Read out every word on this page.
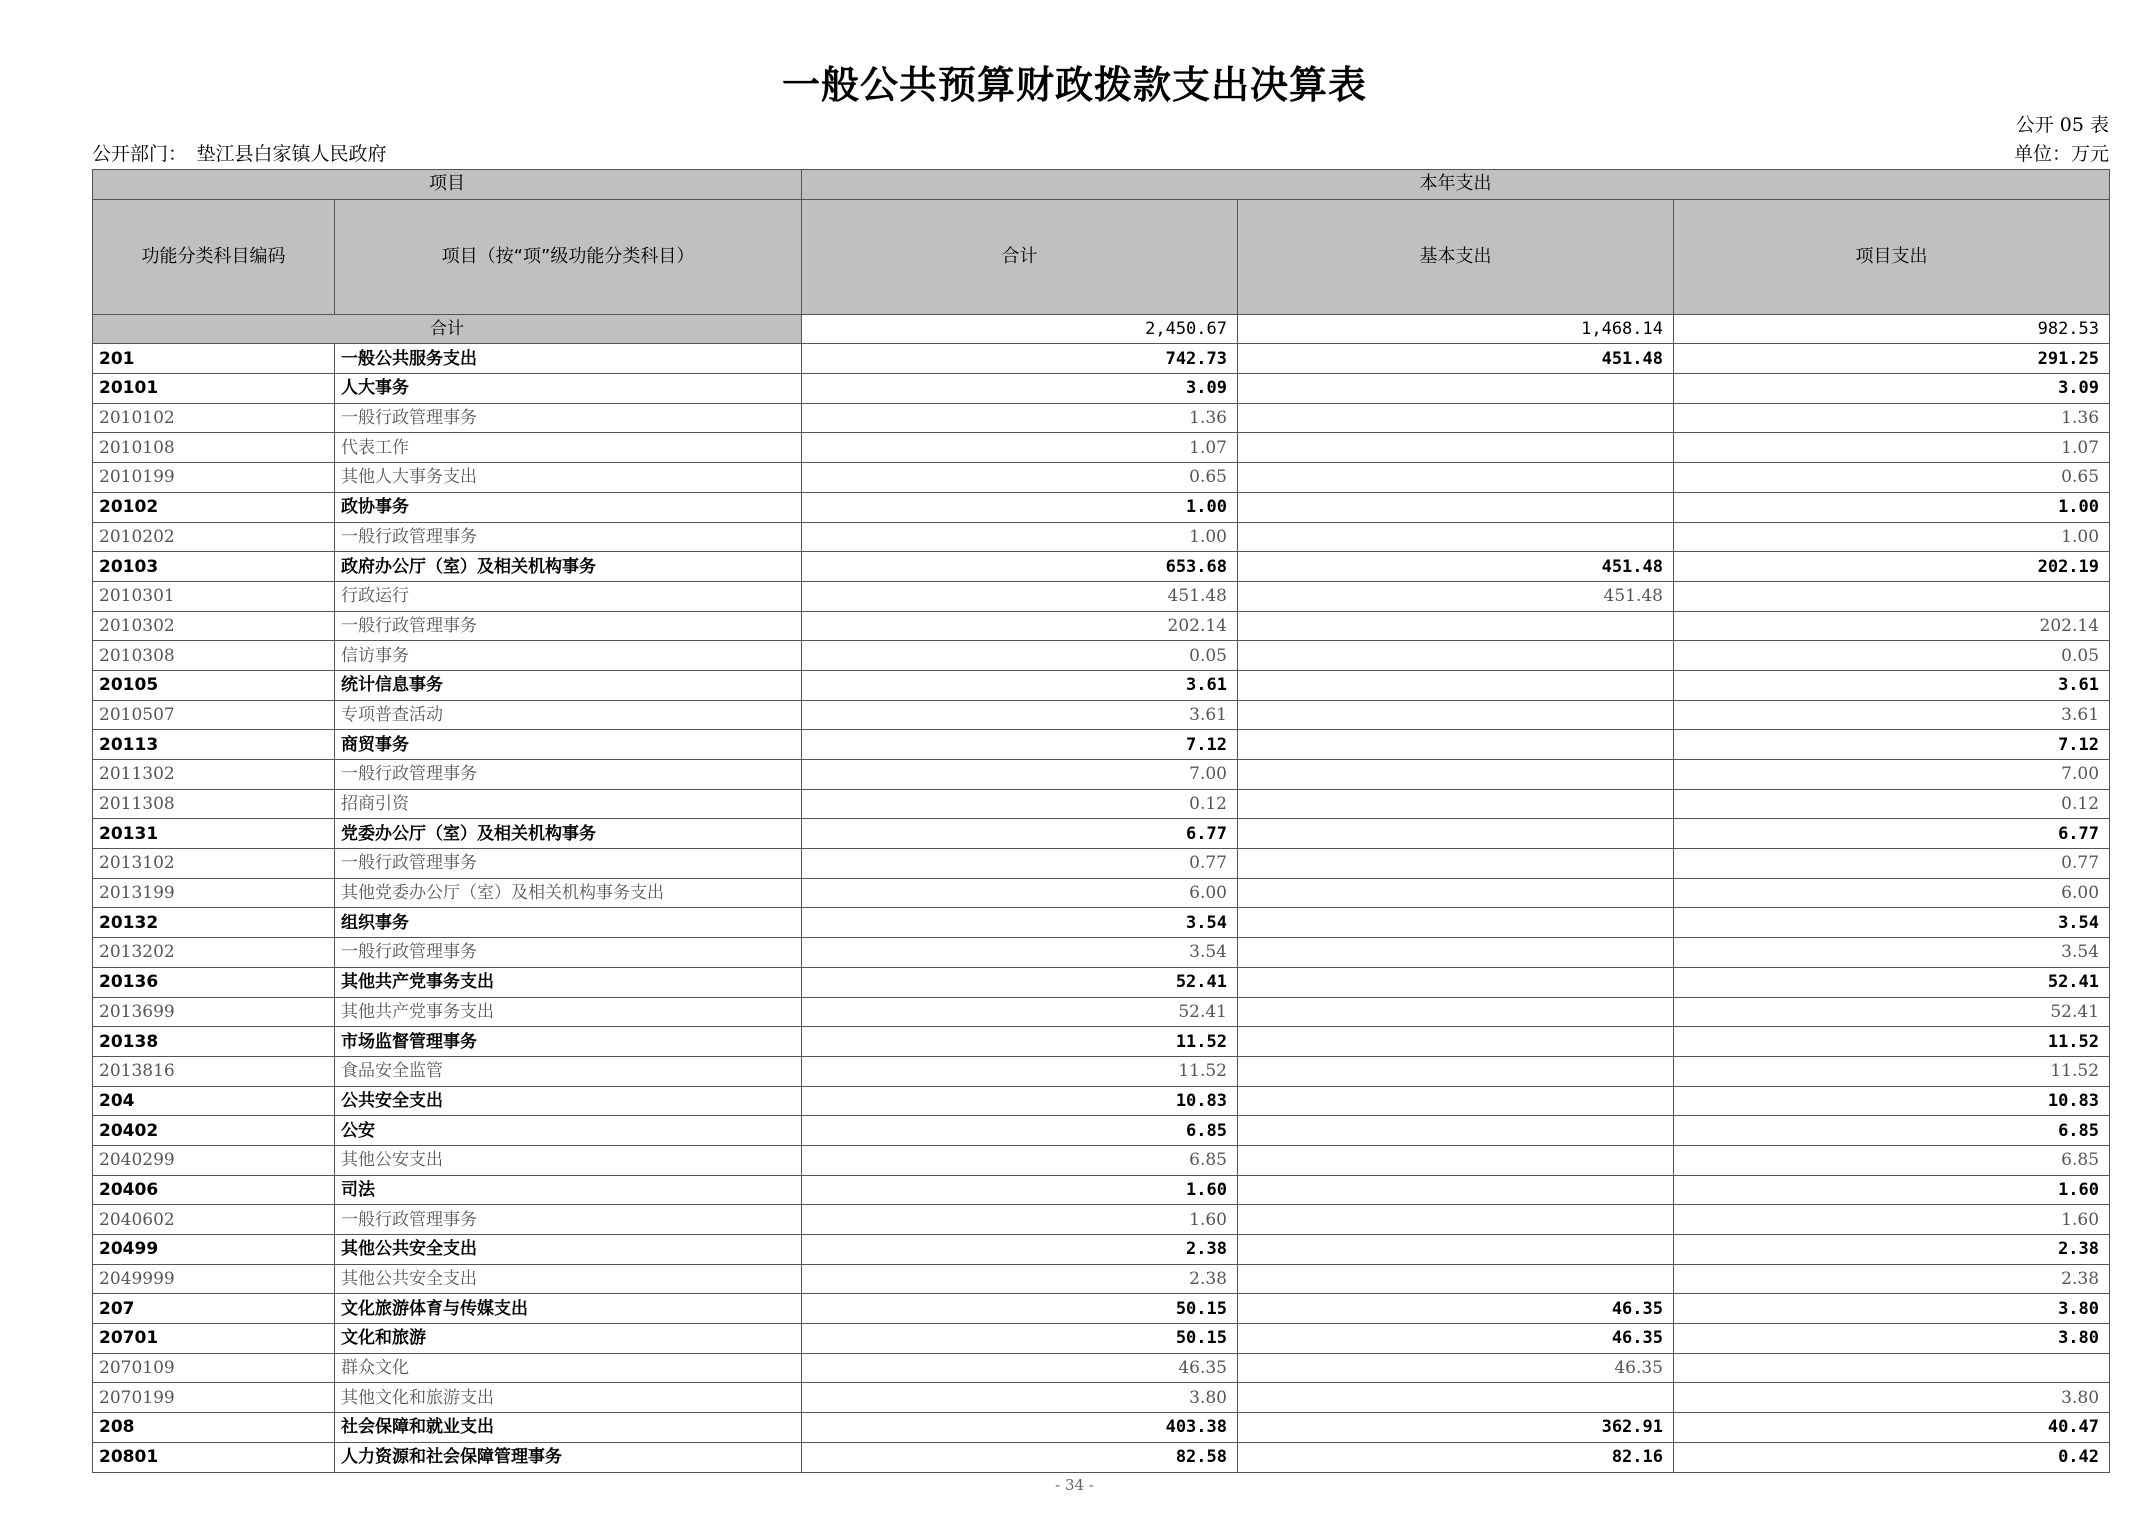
一般公共预算财政拨款支出决算表
公开 05 表
公开部门：　垫江县白家镇人民政府	单位：万元
项目		本年支出		
功能分类科目编码	项目（按“项”级功能分类科目）	合计	基本支出	项目支出
合计		2,450.67	1,468.14	982.53
201	一般公共服务支出	742.73	451.48	291.25
20101	人大事务	3.09		3.09
2010102	一般行政管理事务	1.36		1.36
2010108	代表工作	1.07		1.07
2010199	其他人大事务支出	0.65		0.65
20102	政协事务	1.00		1.00
2010202	一般行政管理事务	1.00		1.00
20103	政府办公厅（室）及相关机构事务	653.68	451.48	202.19
2010301	行政运行	451.48	451.48	
2010302	一般行政管理事务	202.14		202.14
2010308	信访事务	0.05		0.05
20105	统计信息事务	3.61		3.61
2010507	专项普查活动	3.61		3.61
20113	商贸事务	7.12		7.12
2011302	一般行政管理事务	7.00		7.00
2011308	招商引资	0.12		0.12
20131	党委办公厅（室）及相关机构事务	6.77		6.77
2013102	一般行政管理事务	0.77		0.77
2013199	其他党委办公厅（室）及相关机构事务支出	6.00		6.00
20132	组织事务	3.54		3.54
2013202	一般行政管理事务	3.54		3.54
20136	其他共产党事务支出	52.41		52.41
2013699	其他共产党事务支出	52.41		52.41
20138	市场监督管理事务	11.52		11.52
2013816	食品安全监管	11.52		11.52
204	公共安全支出	10.83		10.83
20402	公安	6.85		6.85
2040299	其他公安支出	6.85		6.85
20406	司法	1.60		1.60
2040602	一般行政管理事务	1.60		1.60
20499	其他公共安全支出	2.38		2.38
2049999	其他公共安全支出	2.38		2.38
207	文化旅游体育与传媒支出	50.15	46.35	3.80
20701	文化和旅游	50.15	46.35	3.80
2070109	群众文化	46.35	46.35	
2070199	其他文化和旅游支出	3.80		3.80
208	社会保障和就业支出	403.38	362.91	40.47
20801	人力资源和社会保障管理事务	82.58	82.16	0.42
- 34 -
